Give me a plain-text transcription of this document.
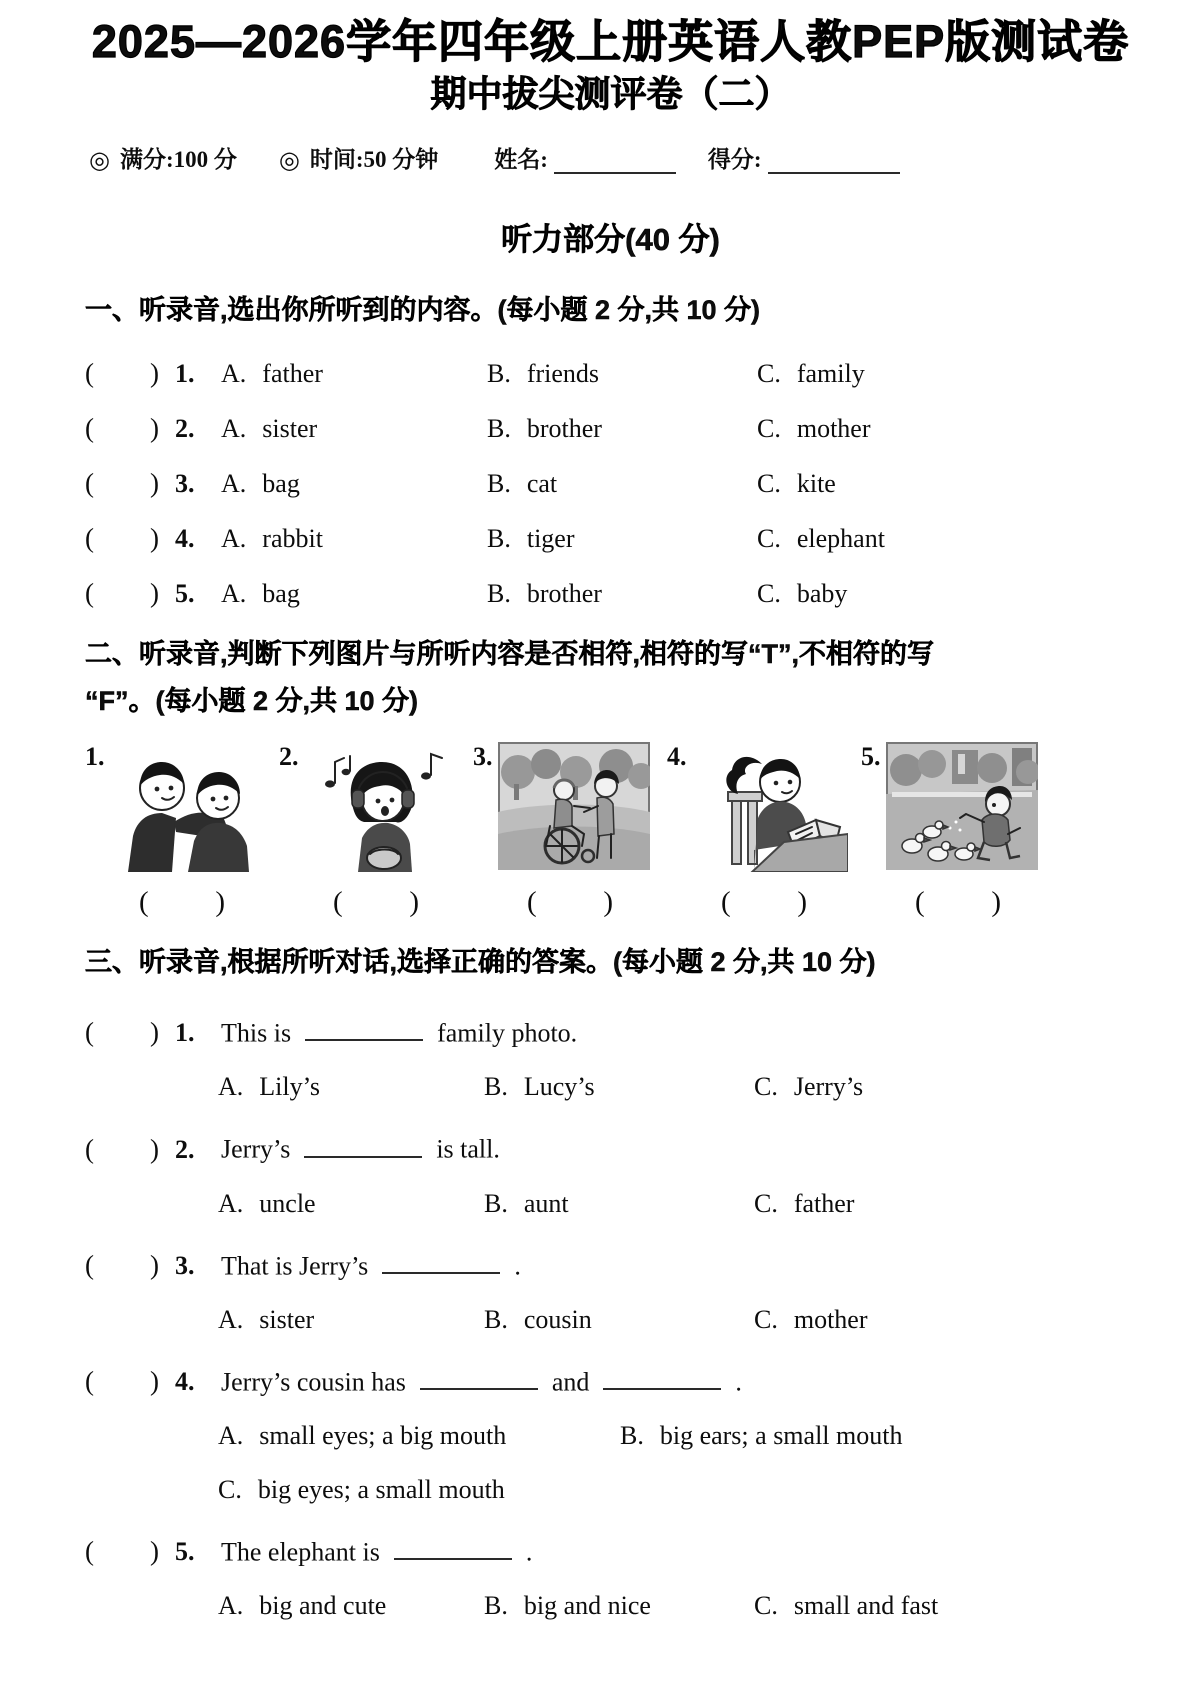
2025—2026学年四年级上册英语人教PEP版测试卷
期中拔尖测评卷（二）
◎ 满分:100 分 ◎ 时间:50 分钟 姓名:	得分:
听力部分(40 分)
一、听录音,选出你所听到的内容。(每小题 2 分,共 10 分)
( ) 1.	A. father	B. friends	C. family
( ) 2.	A. sister	B. brother	C. mother
( ) 3.	A. bag	B. cat	C. kite
( ) 4.	A. rabbit	B. tiger	C. elephant
( ) 5.	A. bag	B. brother	C. baby
二、听录音,判断下列图片与所听内容是否相符,相符的写“T”,不相符的写
“F”。(每小题 2 分,共 10 分)
1.	2.	3.	4.	5.
( )	( )	( )	( )	( )
三、听录音,根据所听对话,选择正确的答案。(每小题 2 分,共 10 分)
( ) 1.	This is	family photo.
A. Lily’s	B. Lucy’s	C. Jerry’s
( ) 2.	Jerry’s	is tall.
A. uncle	B. aunt	C. father
( ) 3.	That is Jerry’s	.
A. sister	B. cousin	C. mother
( ) 4.	Jerry’s cousin has	and	.
A. small eyes; a big mouth	B. big ears; a small mouth
C. big eyes; a small mouth
( ) 5.	The elephant is	.
A. big and cute	B. big and nice	C. small and fast
